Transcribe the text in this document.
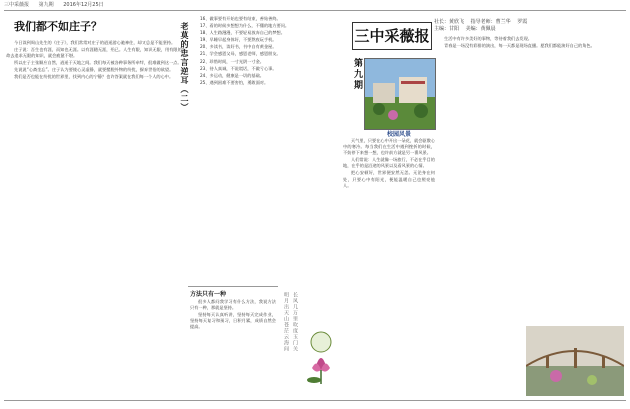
三中采薇报 第九期 2016年12月25日
我们都不如庄子？

今日读到周山先生的《庄子》，我们常常对庄子的逍遥游心驰神往，却又总是不能坚持。

庄子说：吾生也有涯，而知也无涯。以有涯随无涯，殆已。人生有限，知识无限，用有限的生命去追求无限的知识，就会疲惫不堪。

所以庄子主张顺应自然，逍遥于天地之间。我们每天被各种事务所牵绊，很难做到这一点。

先说说“心斋坐忘”。庄子认为要使心灵虚静，就要摆脱外物的纷扰，摒弃世俗的欲望。

我们是否也能在纷扰的世界里，找到内心的宁静？也许答案就在我们每一个人的心中。 老莫的忠言逆耳（二）

16、做事要有开始也要有结束，善始善终。

17、看的时候多想想为什么，不懂的地方要问。

18、人生路漫漫，不要轻易放弃自己的梦想。

19、早睡早起身体好，不要熬夜玩手机。

20、多读书，读好书，书中自有黄金屋。

21、学会感恩父母，感恩老师，感恩朋友。

22、珍惜时间，一寸光阴一寸金。

23、待人真诚，不说谎话，不做亏心事。

24、多运动，健康是一切的基础。

25、遇到困难不要害怕，勇敢面对。

方法只有一种

很多人都问我学习有什么方法，我说方法只有一种，那就是坚持。

坚持每天认真听讲，坚持每天完成作业，坚持每天复习和预习，日积月累，成绩自然会提高。	明月出天山苍茫云海间 长风几万里吹度玉门关
三中采薇报
第九期
社长：黄欣飞 指导老师：曹兰华 罗霞
主编：甘阳 美编：黄佩晨
校园风景

天气里，只要在心中开出一朵花，就会驱散心中的寒冷。每当我们在生活中遇到挫折的时候，不妨停下来想一想，也许前方就是另一番风景。

人们常说：人生就像一场旅行，不必在乎目的地，在乎的是沿途的风景以及看风景的心情。

把心安顿好，世界便安然无恙。无论身在何处，只要心中有阳光，便能温暖自己也照亮他人。

生活中有许多美好的事物，等待着我们去发现。

青春是一场没有彩排的演出，每一天都是现场直播。愿我们都能演好自己的角色。
